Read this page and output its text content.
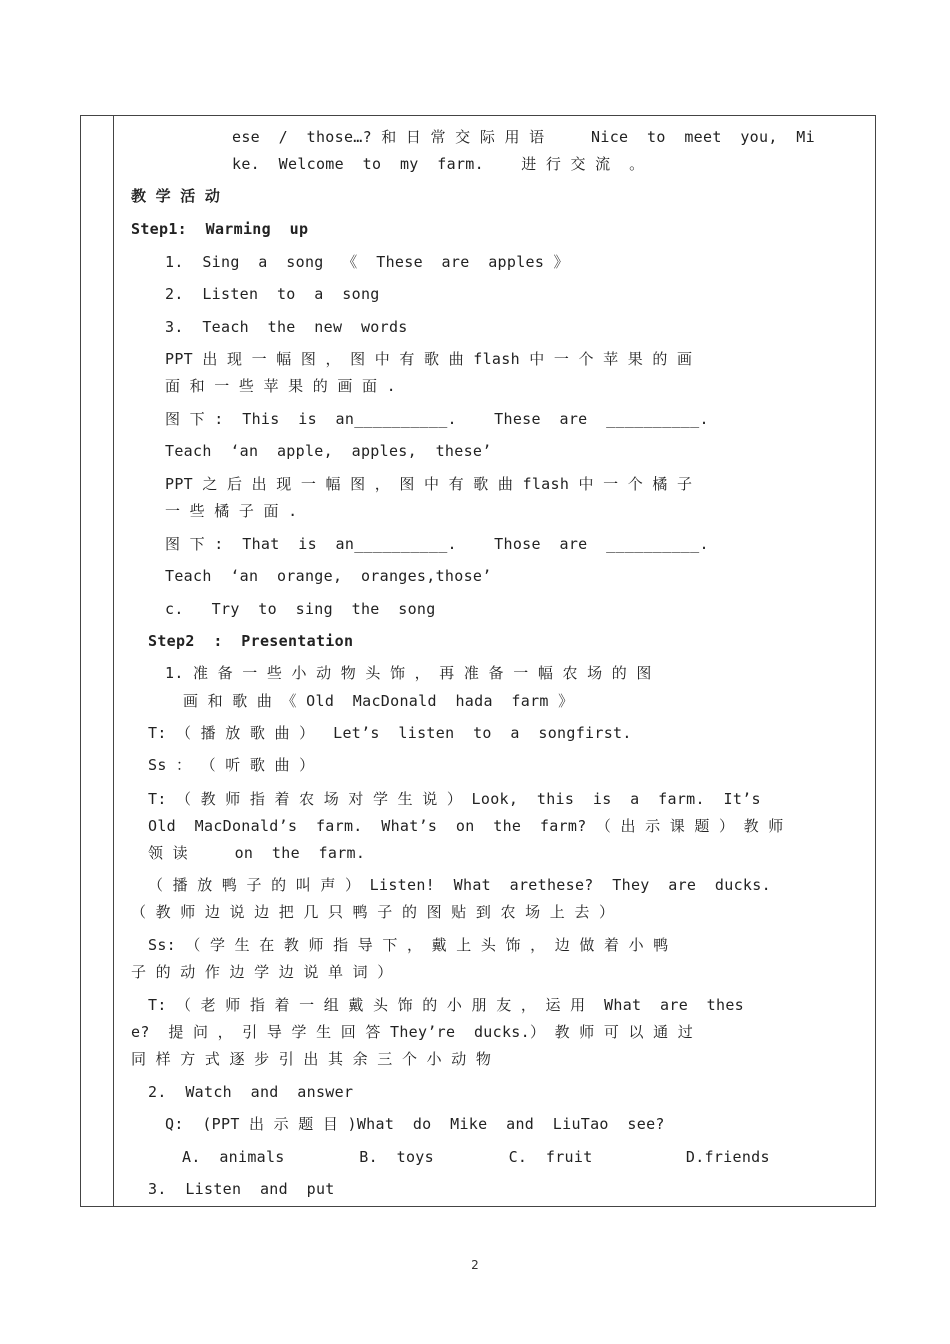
ese  /  those…? 和 日 常 交 际 用 语     Nice  to  meet  you,  Mi
ke.  Welcome  to  my  farm.    进 行 交 流  。
教 学 活 动
Step1:  Warming  up
1.  Sing  a  song  《  These  are  apples 》
2.  Listen  to  a  song
3.  Teach  the  new  words
PPT 出 现 一 幅 图 ， 图 中 有 歌 曲 flash 中 一 个 苹 果 的 画
面 和 一 些 苹 果 的 画 面 .
图 下 :  This  is  an__________.    These  are  __________.
Teach  ‘an  apple,  apples,  these’
PPT 之 后 出 现 一 幅 图 ， 图 中 有 歌 曲 flash 中 一 个 橘 子
一 些 橘 子 面 .
图 下 :  That  is  an__________.    Those  are  __________.
Teach  ‘an  orange,  oranges,those’
c.   Try  to  sing  the  song
Step2  :  Presentation
1. 准 备 一 些 小 动 物 头 饰 ， 再 准 备 一 幅 农 场 的 图
画 和 歌 曲 《 Old  MacDonald  hada  farm 》
T: （ 播 放 歌 曲 ）  Let’s  listen  to  a  songfirst.
Ss ： （ 听 歌 曲 ）
T: （ 教 师 指 着 农 场 对 学 生 说 ） Look,  this  is  a  farm.  It’s
Old  MacDonald’s  farm.  What’s  on  the  farm? （ 出 示 课 题 ） 教 师
领 读     on  the  farm.
（ 播 放 鸭 子 的 叫 声 ） Listen!  What  arethese?  They  are  ducks.
（ 教 师 边 说 边 把 几 只 鸭 子 的 图 贴 到 农 场 上 去 ）
Ss: （ 学 生 在 教 师 指 导 下 ， 戴 上 头 饰 ， 边 做 着 小 鸭
子 的 动 作 边 学 边 说 单 词 ）
T: （ 老 师 指 着 一 组 戴 头 饰 的 小 朋 友 ， 运 用  What  are  thes
e?  提 问 ， 引 导 学 生 回 答 They’re  ducks.） 教 师 可 以 通 过
同 样 方 式 逐 步 引 出 其 余 三 个 小 动 物
2.  Watch  and  answer
Q:  (PPT 出 示 题 目 )What  do  Mike  and  LiuTao  see?
A.  animals        B.  toys        C.  fruit          D.friends
3.  Listen  and  put
2
